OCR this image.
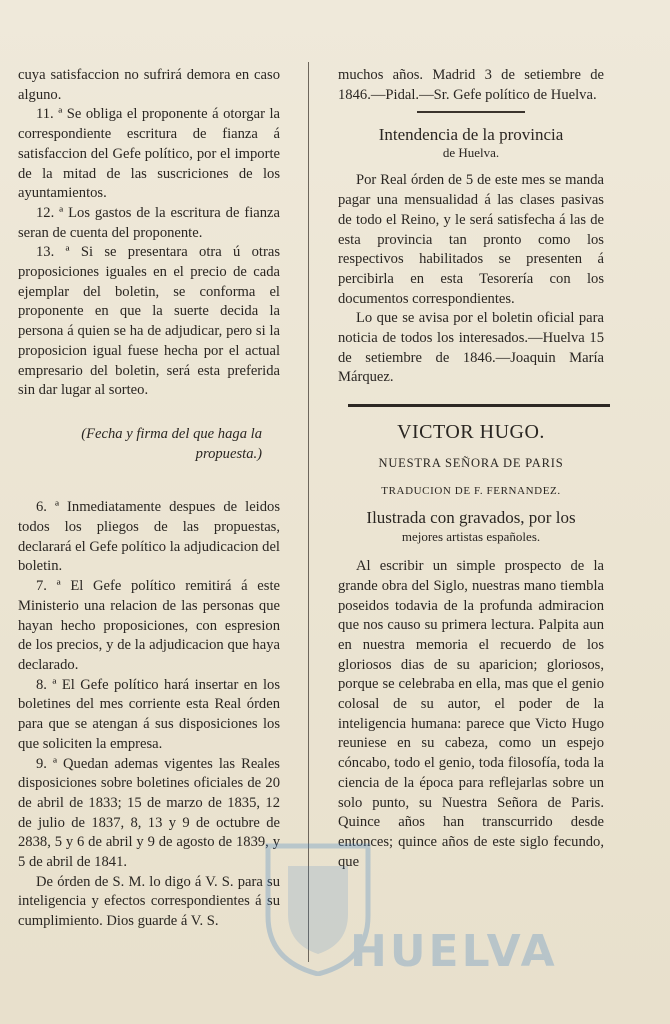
cuya satisfaccion no sufrirá demora en caso alguno.

11. ª Se obliga el proponente á otorgar la correspondiente escritura de fianza á satisfaccion del Gefe político, por el importe de la mitad de las suscriciones de los ayuntamientos.

12. ª Los gastos de la escritura de fianza seran de cuenta del proponente.

13. ª Si se presentara otra ú otras proposiciones iguales en el precio de cada ejemplar del boletin, se conforma el proponente en que la suerte decida la persona á quien se ha de adjudicar, pero si la proposicion igual fuese hecha por el actual empresario del boletin, será esta preferida sin dar lugar al sorteo.

(Fecha y firma del que haga la propuesta.)

6. ª Inmediatamente despues de leidos todos los pliegos de las propuestas, declarará el Gefe político la adjudicacion del boletin.

7. ª El Gefe político remitirá á este Ministerio una relacion de las personas que hayan hecho proposiciones, con espresion de los precios, y de la adjudicacion que haya declarado.

8. ª El Gefe político hará insertar en los boletines del mes corriente esta Real órden para que se atengan á sus disposiciones los que soliciten la empresa.

9. ª Quedan ademas vigentes las Reales disposiciones sobre boletines oficiales de 20 de abril de 1833; 15 de marzo de 1835, 12 de julio de 1837, 8, 13 y 9 de octubre de 2838, 5 y 6 de abril y 9 de agosto de 1839, y 5 de abril de 1841.

De órden de S. M. lo digo á V. S. para su inteligencia y efectos correspondientes á su cumplimiento. Dios guarde á V. S.

muchos años. Madrid 3 de setiembre de 1846.—Pidal.—Sr. Gefe político de Huelva.

Intendencia de la provincia
de Huelva.

Por Real órden de 5 de este mes se manda pagar una mensualidad á las clases pasivas de todo el Reino, y le será satisfecha á las de esta provincia tan pronto como los respectivos habilitados se presenten á percibirla en esta Tesorería con los documentos correspondientes.

Lo que se avisa por el boletin oficial para noticia de todos los interesados.—Huelva 15 de setiembre de 1846.—Joaquin María Márquez.

VICTOR HUGO.
NUESTRA SEÑORA DE PARIS
TRADUCION DE F. FERNANDEZ.
Ilustrada con gravados, por los
mejores artistas españoles.

Al escribir un simple prospecto de la grande obra del Siglo, nuestras mano tiembla poseidos todavia de la profunda admiracion que nos causo su primera lectura. Palpita aun en nuestra memoria el recuerdo de los gloriosos dias de su aparicion; gloriosos, porque se celebraba en ella, mas que el genio colosal de su autor, el poder de la inteligencia humana: parece que Victo Hugo reuniese en su cabeza, como un espejo cóncabo, todo el genio, toda filosofía, toda la ciencia de la época para reflejarlas sobre un solo punto, su Nuestra Señora de Paris. Quince años han transcurrido desde entonces; quince años de este siglo fecundo, que

HUELVA
